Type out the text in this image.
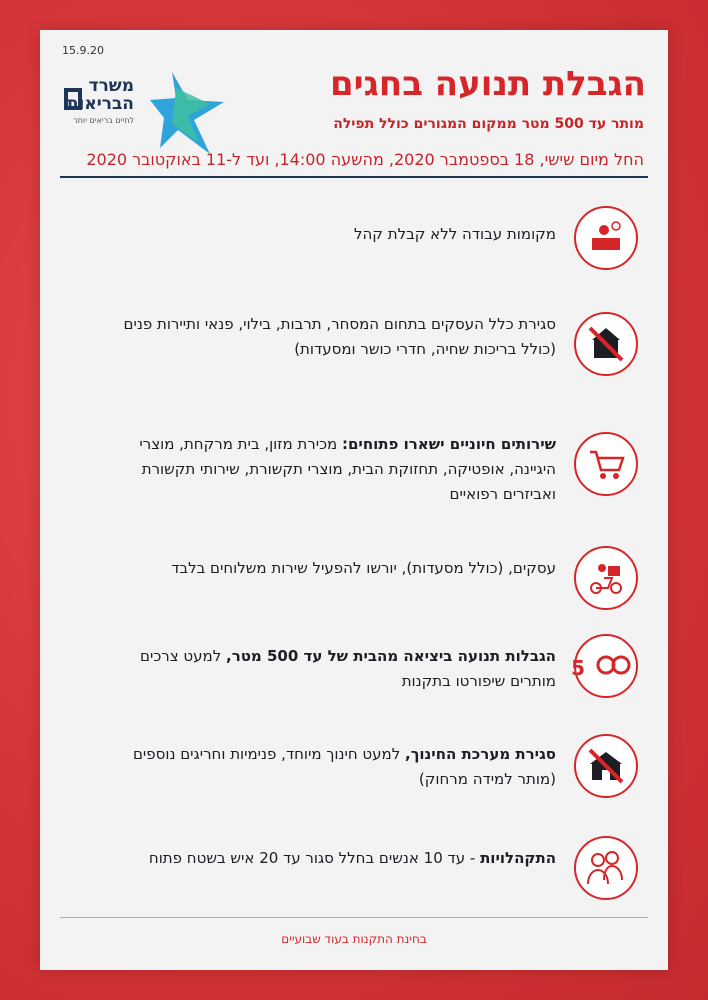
15.9.20
משרד
הבריאות
לחיים בריאים יותר
הגבלת תנועה בחגים
מותר עד 500 מטר ממקום המגורים כולל תפילה
החל מיום שישי, 18 בספטמבר 2020, מהשעה 14:00, ועד ל-11 באוקטובר 2020
מקומות עבודה ללא קבלת קהל
סגירת כלל העסקים בתחום המסחר, תרבות, בילוי, פנאי ותיירות פנים (כולל בריכות שחיה, חדרי כושר ומסעדות)
שירותים חיוניים ישארו פתוחים: מכירת מזון, בית מרקחת, מוצרי היגיינה, אופטיקה, תחזוקת הבית, מוצרי תקשורת, שירותי תקשורת ואביזרים רפואיים
עסקים, (כולל מסעדות), יורשו להפעיל שירות משלוחים בלבד
5
הגבלות תנועה ביציאה מהבית של עד 500 מטר, למעט צרכים מותרים שיפורטו בתקנות
סגירת מערכת החינוך, למעט חינוך מיוחד, פנימיות וחריגים נוספים (מותר למידה מרחוק)
התקהלויות - עד 10 אנשים בחלל סגור עד 20 איש בשטח פתוח
בחינת התקנות בעוד שבועיים
